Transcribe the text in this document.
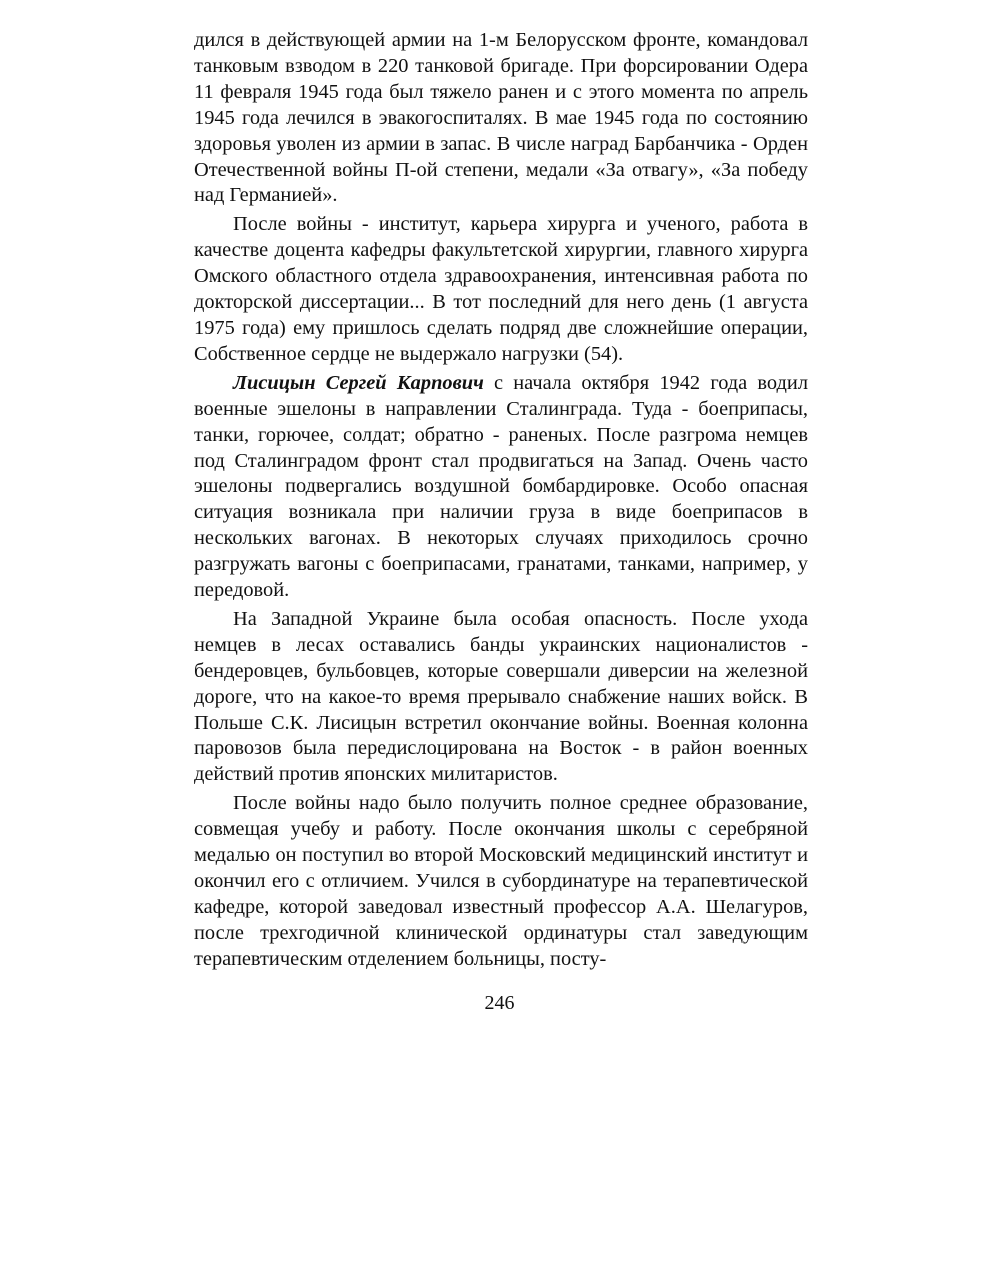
дился в действующей армии на 1-м Белорусском фронте, командовал танковым взводом в 220 танковой бригаде. При форсировании Одера 11 февраля 1945 года был тяжело ранен и с этого момента по апрель 1945 года лечился в эвакогоспиталях. В мае 1945 года по состоянию здоровья уволен из армии в запас. В числе наград Барбанчика - Орден Отечественной войны П-ой степени, медали «За отвагу», «За победу над Германией».

После войны - институт, карьера хирурга и ученого, работа в качестве доцента кафедры факультетской хирургии, главного хирурга Омского областного отдела здравоохранения, интенсивная работа по докторской диссертации... В тот последний для него день (1 августа 1975 года) ему пришлось сделать подряд две сложнейшие операции, Собственное сердце не выдержало нагрузки (54).

Лисицын Сергей Карпович с начала октября 1942 года водил военные эшелоны в направлении Сталинграда. Туда - боеприпасы, танки, горючее, солдат; обратно - раненых. После разгрома немцев под Сталинградом фронт стал продвигаться на Запад. Очень часто эшелоны подвергались воздушной бомбардировке. Особо опасная ситуация возникала при наличии груза в виде боеприпасов в нескольких вагонах. В некоторых случаях приходилось срочно разгружать вагоны с боеприпасами, гранатами, танками, например, у передовой.

На Западной Украине была особая опасность. После ухода немцев в лесах оставались банды украинских националистов - бендеровцев, бульбовцев, которые совершали диверсии на железной дороге, что на какое-то время прерывало снабжение наших войск. В Польше С.К. Лисицын встретил окончание войны. Военная колонна паровозов была передислоцирована на Восток - в район военных действий против японских милитаристов.

После войны надо было получить полное среднее образование, совмещая учебу и работу. После окончания школы с серебряной медалью он поступил во второй Московский медицинский институт и окончил его с отличием. Учился в субординатуре на терапевтической кафедре, которой заведовал известный профессор А.А. Шелагуров, после трехгодичной клинической ординатуры стал заведующим терапевтическим отделением больницы, посту-

246
